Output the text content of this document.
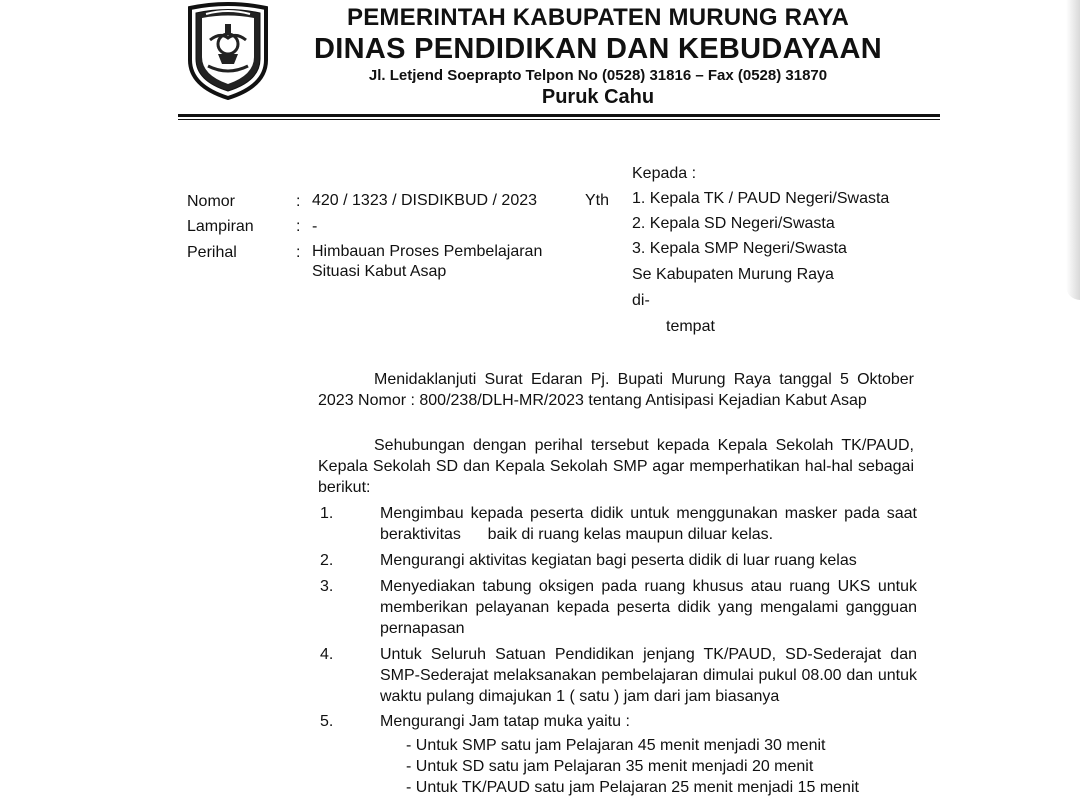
PEMERINTAH KABUPATEN MURUNG RAYA
DINAS PENDIDIKAN DAN KEBUDAYAAN
Jl. Letjend Soeprapto Telpon No (0528) 31816 – Fax (0528) 31870
Puruk Cahu
Kepada :
1. Kepala TK / PAUD Negeri/Swasta
2. Kepala SD Negeri/Swasta
3. Kepala SMP Negeri/Swasta
Se Kabupaten Murung Raya
di-
tempat
Nomor	: 420 / 1323 / DISDIKBUD / 2023	Yth
Lampiran	: -
Perihal	: Himbauan Proses Pembelajaran
Situasi Kabut Asap
Menidaklanjuti Surat Edaran Pj. Bupati Murung Raya tanggal 5 Oktober 2023 Nomor : 800/238/DLH-MR/2023 tentang Antisipasi Kejadian Kabut Asap
Sehubungan dengan perihal tersebut kepada Kepala Sekolah TK/PAUD, Kepala Sekolah SD dan Kepala Sekolah SMP agar memperhatikan hal-hal sebagai berikut:
1.	Mengimbau kepada peserta didik untuk menggunakan masker pada saat beraktivitas      baik di ruang kelas maupun diluar kelas.
2.	Mengurangi aktivitas kegiatan bagi peserta didik di luar ruang kelas
3.	Menyediakan tabung oksigen pada ruang khusus atau ruang UKS untuk memberikan pelayanan kepada peserta didik yang mengalami gangguan pernapasan
4.	Untuk Seluruh Satuan Pendidikan jenjang TK/PAUD, SD-Sederajat dan SMP-Sederajat melaksanakan pembelajaran dimulai pukul 08.00 dan untuk waktu pulang dimajukan 1 ( satu ) jam dari jam biasanya
5.	Mengurangi Jam tatap muka yaitu :
- Untuk SMP satu jam Pelajaran 45 menit menjadi 30 menit
- Untuk SD satu jam Pelajaran 35 menit menjadi 20 menit
- Untuk TK/PAUD satu jam Pelajaran 25 menit menjadi 15 menit
